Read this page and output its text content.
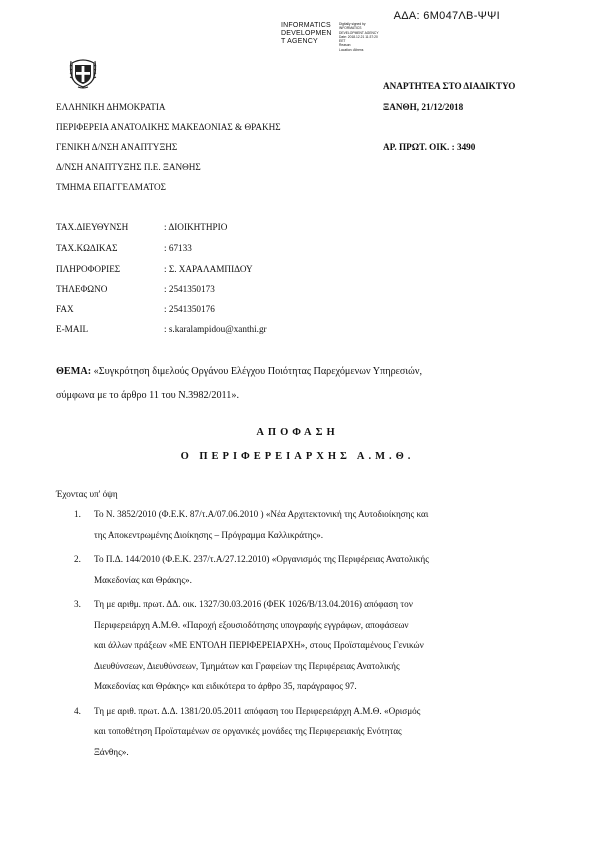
ΑΔΑ: 6Μ047ΛΒ-ΨΨΙ
INFORMATICS
DEVELOPMEN
T AGENCY
Digitally signed by
INFORMATICS
DEVELOPMENT AGENCY
Date: 2018.12.21 11:37:20
EET
Reason:
Location: Athens
ΑΝΑΡΤΗΤΕΑ ΣΤΟ ΔΙΑΔΙΚΤΥΟ
ΞΑΝΘΗ, 21/12/2018
ΑΡ. ΠΡΩΤ. ΟΙΚ. : 3490
ΕΛΛΗΝΙΚΗ ΔΗΜΟΚΡΑΤΙΑ
ΠΕΡΙΦΕΡΕΙΑ ΑΝΑΤΟΛΙΚΗΣ ΜΑΚΕΔΟΝΙΑΣ & ΘΡΑΚΗΣ
ΓΕΝΙΚΗ Δ/ΝΣΗ ΑΝΑΠΤΥΞΗΣ
Δ/ΝΣΗ ΑΝΑΠΤΥΞΗΣ Π.Ε. ΞΑΝΘΗΣ
ΤΜΗΜΑ ΕΠΑΓΓΕΛΜΑΤΟΣ
ΤΑΧ.ΔΙΕΥΘΥΝΣΗ	: ΔΙΟΙΚΗΤΗΡΙΟ
ΤΑΧ.ΚΩΔΙΚΑΣ	: 67133
ΠΛΗΡΟΦΟΡΙΕΣ	: Σ. ΧΑΡΑΛΑΜΠΙΔΟΥ
ΤΗΛΕΦΩΝΟ	: 2541350173
FAX	: 2541350176
E-MAIL	: s.karalampidou@xanthi.gr
ΘΕΜΑ: «Συγκρότηση διμελούς Οργάνου Ελέγχου Ποιότητας Παρεχόμενων Υπηρεσιών,
σύμφωνα με το άρθρο 11 του Ν.3982/2011».
ΑΠΟΦΑΣΗ
Ο ΠΕΡΙΦΕΡΕΙΑΡΧΗΣ Α.Μ.Θ.
Έχοντας υπ' όψη
1. Το Ν. 3852/2010 (Φ.Ε.Κ. 87/τ.Α/07.06.2010 ) «Νέα Αρχιτεκτονική της Αυτοδιοίκησης και
της Αποκεντρωμένης Διοίκησης – Πρόγραμμα Καλλικράτης».
2. Το Π.Δ. 144/2010 (Φ.Ε.Κ. 237/τ.Α/27.12.2010) «Οργανισμός της Περιφέρειας Ανατολικής
Μακεδονίας και Θράκης».
3. Τη με αριθμ. πρωτ. ΔΔ. οικ. 1327/30.03.2016 (ΦΕΚ 1026/Β/13.04.2016) απόφαση τον
Περιφερειάρχη Α.Μ.Θ. «Παροχή εξουσιοδότησης υπογραφής εγγράφων, αποφάσεων
και άλλων πράξεων «ΜΕ ΕΝΤΟΛΗ ΠΕΡΙΦΕΡΕΙΑΡΧΗ», στους Προϊσταμένους Γενικών
Διευθύνσεων, Διευθύνσεων, Τμημάτων και Γραφείων της Περιφέρειας Ανατολικής
Μακεδονίας και Θράκης» και ειδικότερα το άρθρο 35, παράγραφος 97.
4. Τη με αριθ. πρωτ. Δ.Δ. 1381/20.05.2011 απόφαση του Περιφερειάρχη Α.Μ.Θ. «Ορισμός
και τοποθέτηση Προϊσταμένων σε οργανικές μονάδες της Περιφερειακής Ενότητας
Ξάνθης».
